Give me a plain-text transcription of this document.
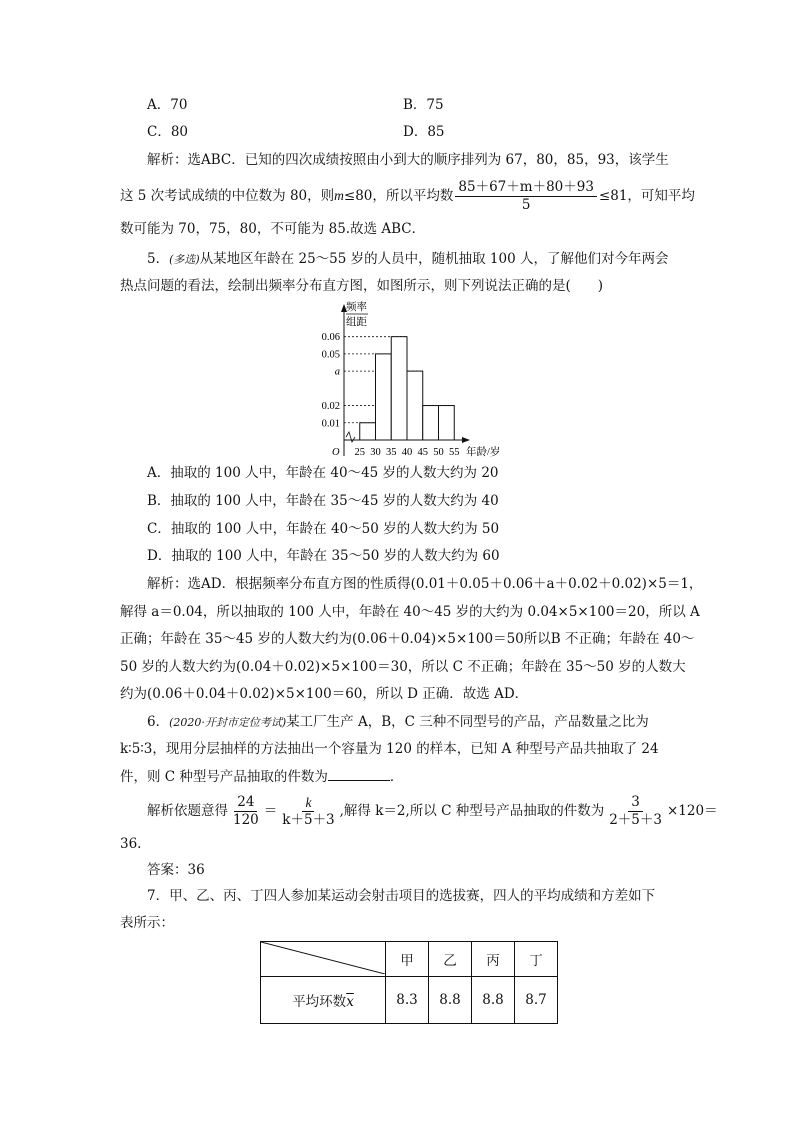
A．70	B．75
C．80	D．85
解析：选ABC．已知的四次成绩按照由小到大的顺序排列为 67，80，85，93，该学生
这 5 次考试成绩的中位数为 80，则m≤80，所以平均数 $\frac{85+67+m+80+93}{5} \le 81$，可知平均
数可能为 70，75，80，不可能为 85.故选 ABC．
5．(多选)从某地区年龄在 25～55 岁的人员中，随机抽取 100 人，了解他们对今年两会
热点问题的看法，绘制出频率分布直方图，如图所示，则下列说法正确的是(　　)
频率
组距
O	年龄/岁
0.01
0.02
a
0.05
0.06
25 30 35 40 45 50 55
A．抽取的 100 人中，年龄在 40～45 岁的人数大约为 20
B．抽取的 100 人中，年龄在 35～45 岁的人数大约为 40
C．抽取的 100 人中，年龄在 40～50 岁的人数大约为 50
D．抽取的 100 人中，年龄在 35～50 岁的人数大约为 60
解析：选AD．根据频率分布直方图的性质得(0.01＋0.05＋0.06＋a＋0.02＋0.02)×5＝1，
解得 a＝0.04，所以抽取的 100 人中，年龄在 40～45 岁的大约为 0.04×5×100＝20，所以 A
正确；年龄在 35～45 岁的人数大约为(0.06＋0.04)×5×100＝50所以B 不正确；年龄在 40～
50 岁的人数大约为(0.04＋0.02)×5×100＝30，所以 C 不正确；年龄在 35～50 岁的人数大
约为(0.06＋0.04＋0.02)×5×100＝60，所以 D 正确．故选 AD．
6．(2020·开封市定位考试)某工厂生产 A，B，C 三种不同型号的产品，产品数量之比为
k∶5∶3，现用分层抽样的方法抽出一个容量为 120 的样本，已知 A 种型号产品共抽取了 24
件，则 C 种型号产品抽取的件数为	．
解析依题意得 $\frac{24}{120} = \frac{k}{k+5+3}$ ,解得 k＝2,所以 C 种型号产品抽取的件数为 $\frac{3}{2+5+3} \times 120=$
36.
答案：36
7．甲、乙、丙、丁四人参加某运动会射击项目的选拔赛，四人的平均成绩和方差如下
表所示：
	甲	乙	丙	丁
平均环数$\overline{x}$	8.3	8.8	8.8	8.7
